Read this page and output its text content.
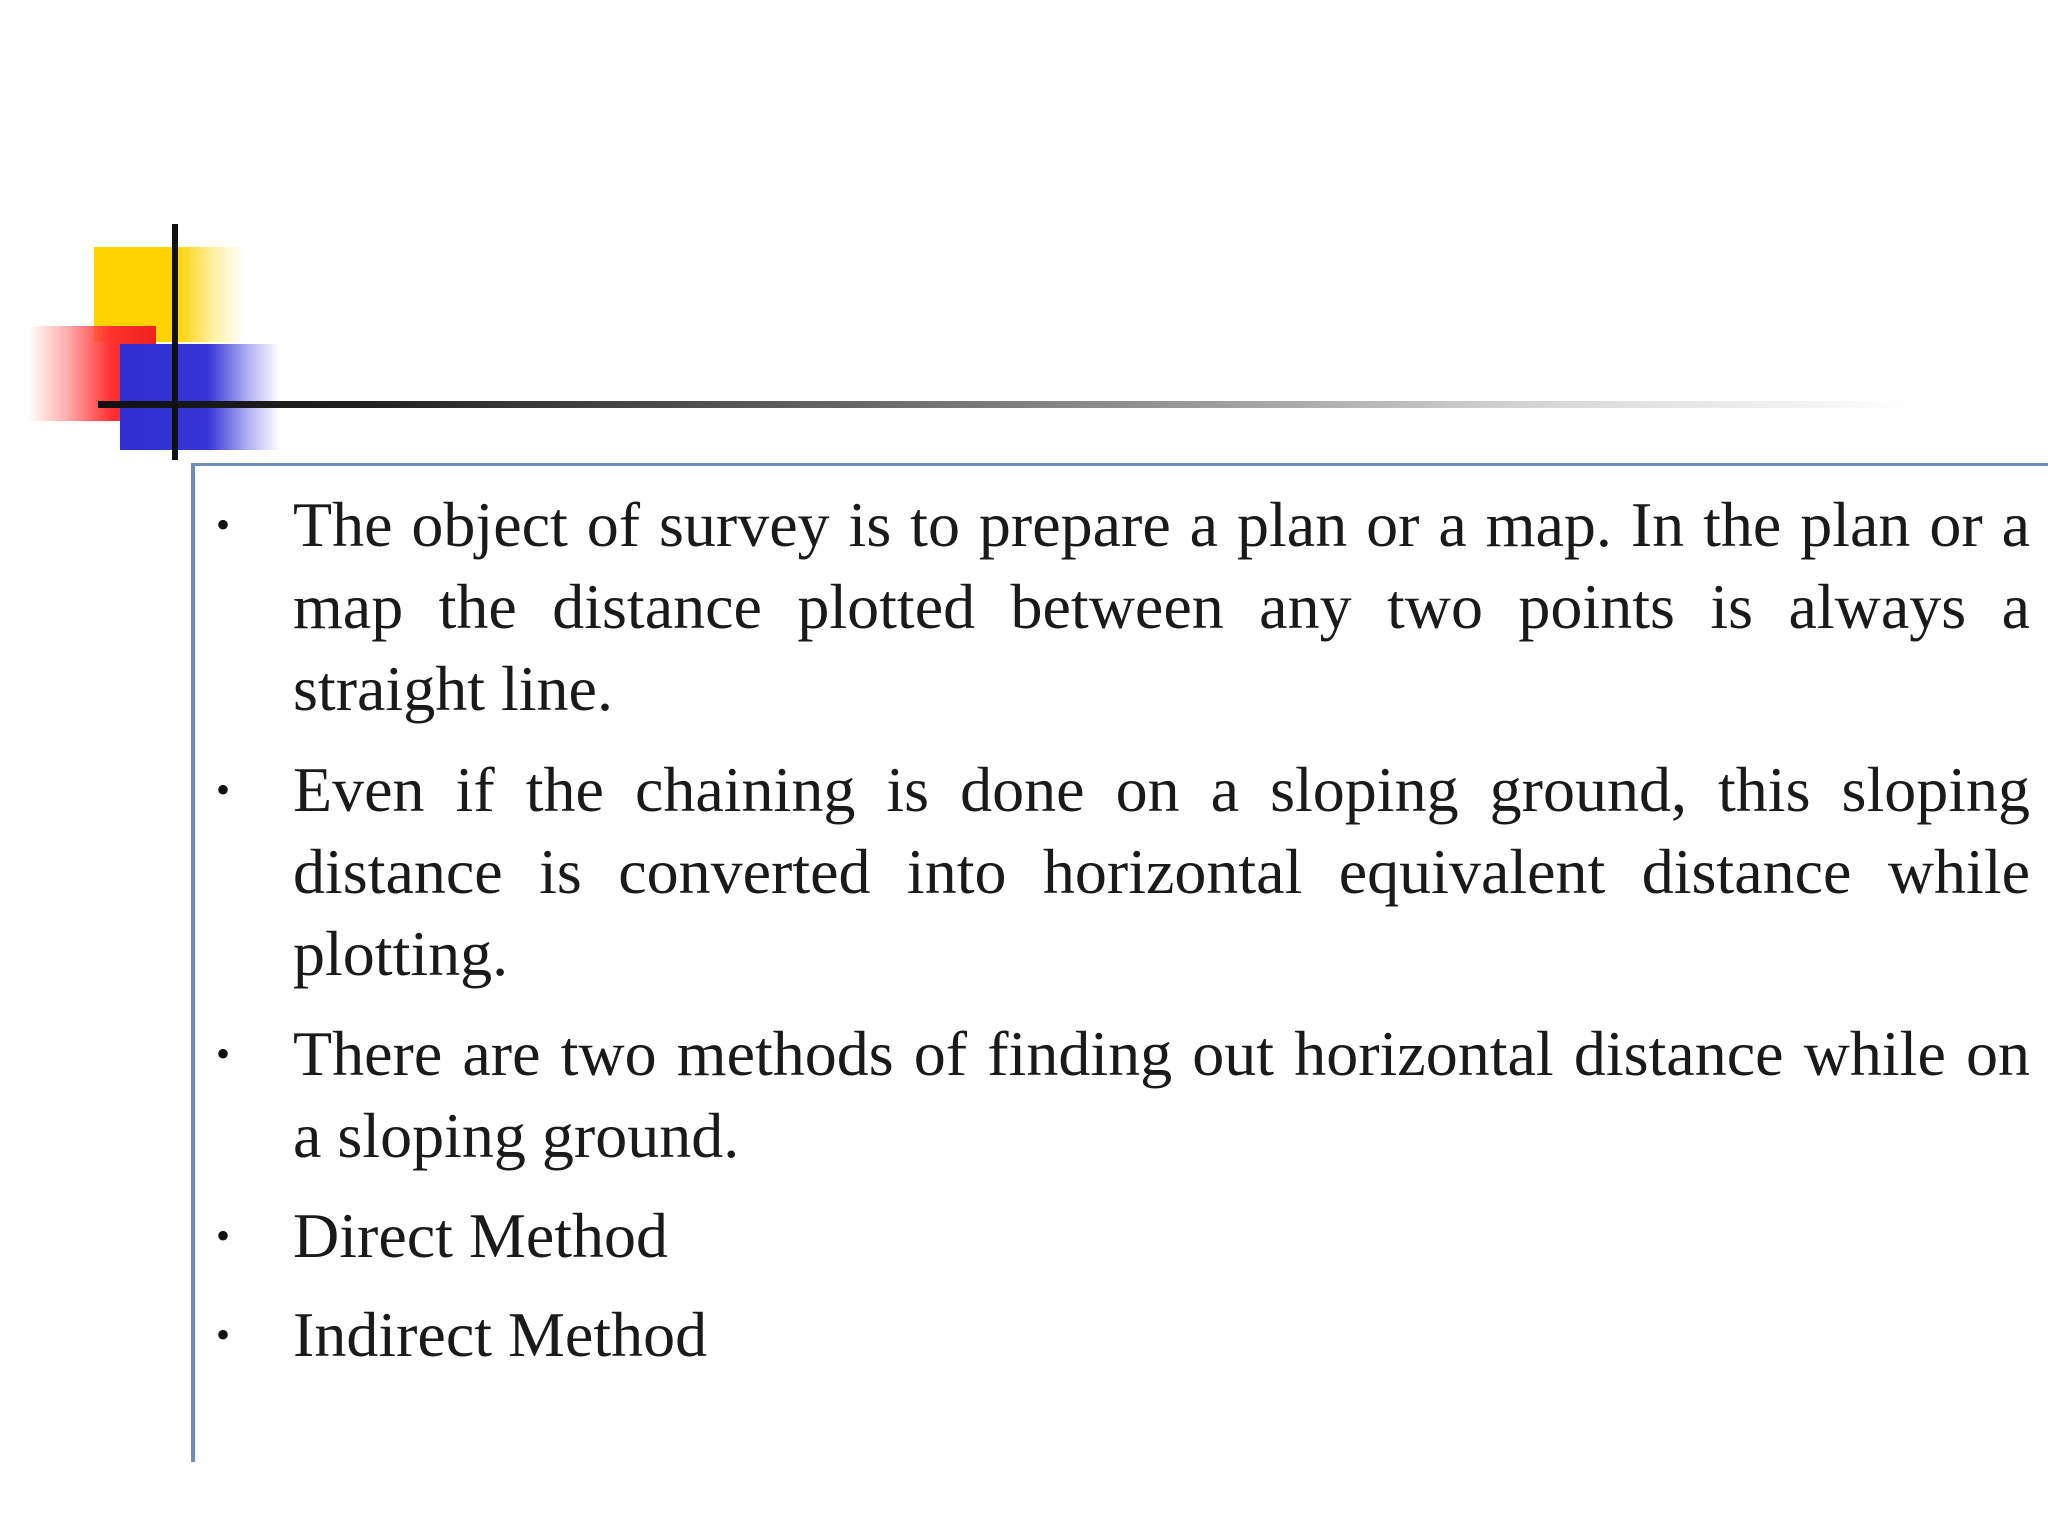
• The object of survey is to prepare a plan or a map. In the plan or a map the distance plotted between any two points is always a straight line.
• Even if the chaining is done on a sloping ground, this sloping distance is converted into horizontal equivalent distance while plotting.
• There are two methods of finding out horizontal distance while on a sloping ground.
• Direct Method
• Indirect Method
